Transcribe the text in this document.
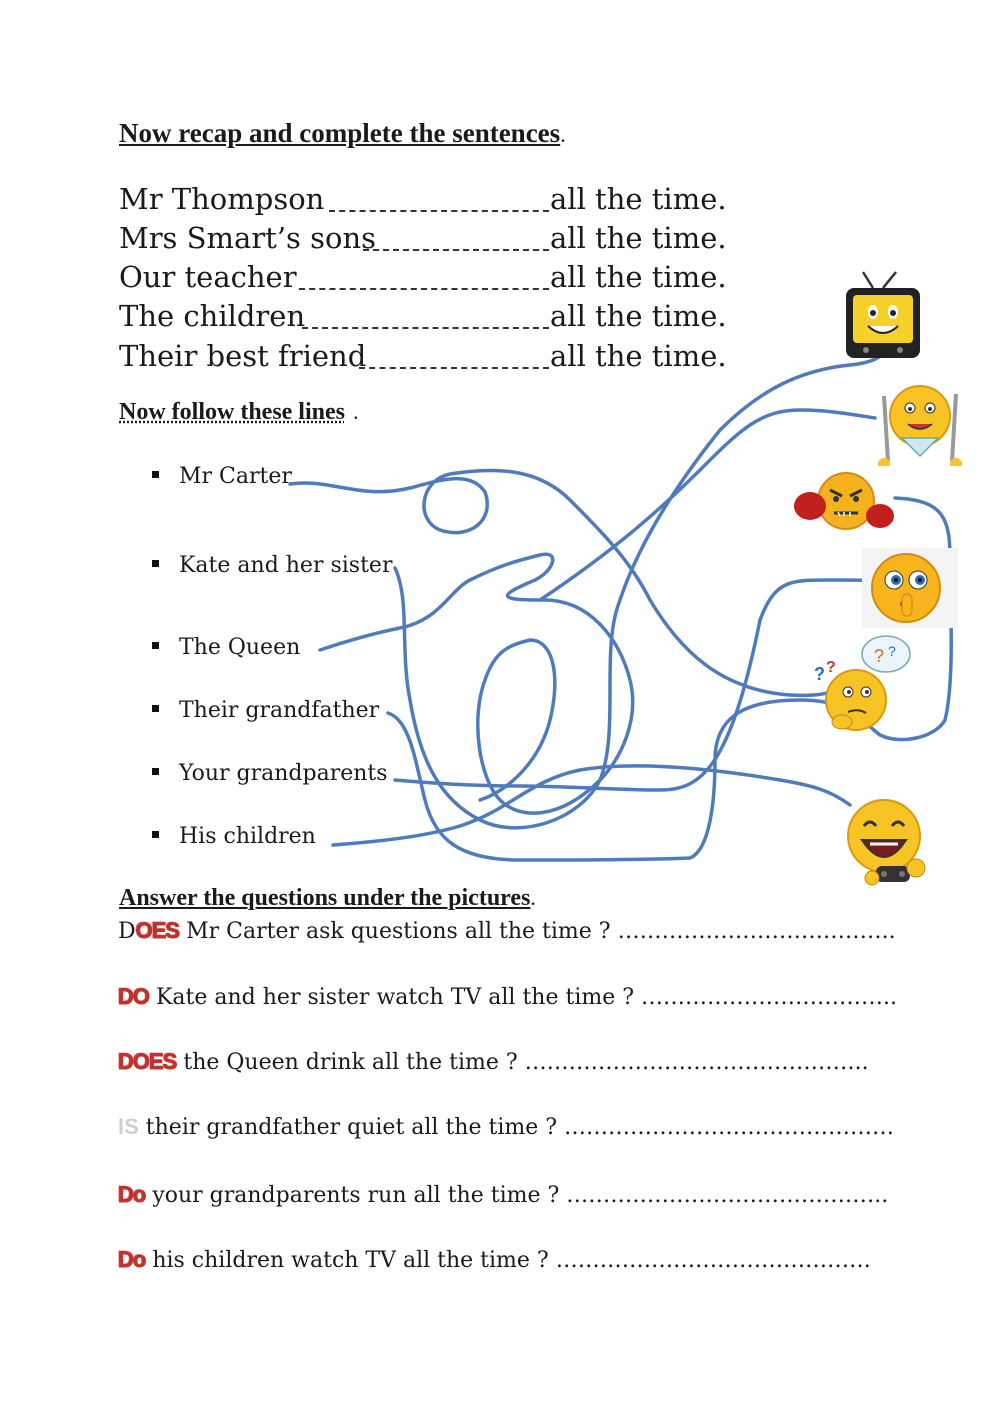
Now recap and complete the sentences.
Mr Thompson	all the time.
Mrs Smart’s sons	all the time.
Our teacher	all the time.
The children	all the time.
Their best friend	all the time.
Now follow these lines .
Mr Carter
Kate and her sister
The Queen
Their grandfather
Your grandparents
His children
? ?
? ?
Answer the questions under the pictures.
DOES Mr Carter ask questions all the time ? ………………………………..
DO Kate and her sister watch TV all the time ? ……………………………..
DOES the Queen drink all the time ? ………………………………………..
IS their grandfather quiet all the time ? ………………………………………
Do your grandparents run all the time ? ……………………………………..
Do his children watch TV all the time ? …………………………………….
